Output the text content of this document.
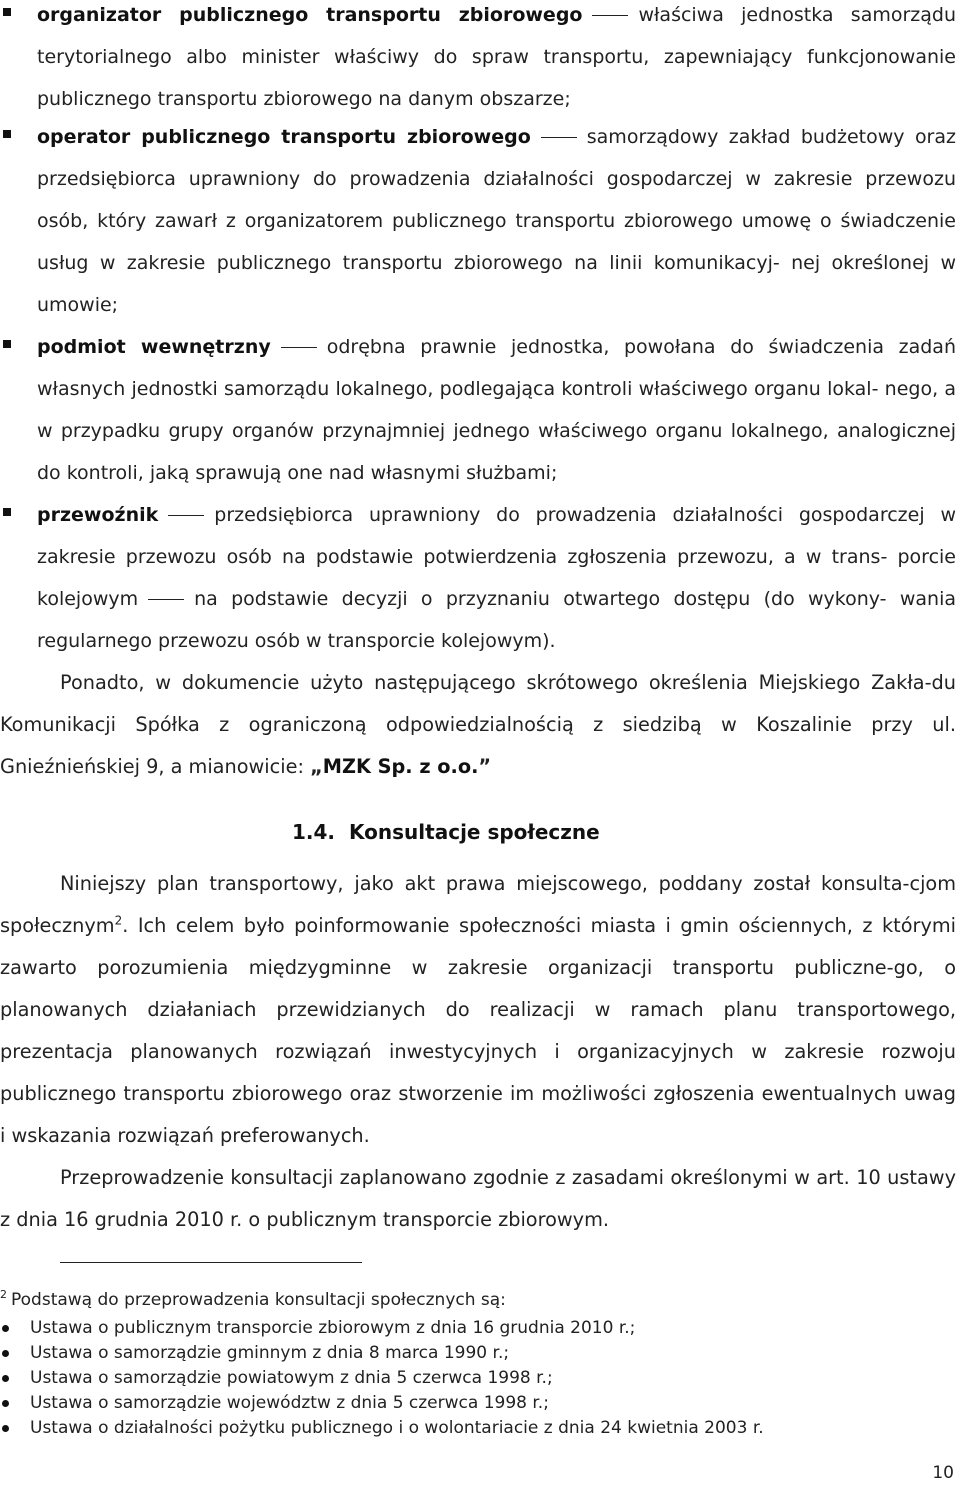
organizator publicznego transportu zbiorowego	właściwa jednostka samorządu terytorialnego albo minister właściwy do spraw transportu, zapewniający funkcjonowanie publicznego transportu zbiorowego na danym obszarze;
operator publicznego transportu zbiorowego	samorządowy zakład budżetowy oraz przedsiębiorca uprawniony do prowadzenia działalności gospodarczej w zakresie przewozu osób, który zawarł z organizatorem publicznego transportu zbiorowego umowę o świadczenie usług w zakresie publicznego transportu zbiorowego na linii komunikacyj- nej określonej w umowie;
podmiot wewnętrzny	odrębna prawnie jednostka, powołana do świadczenia zadań własnych jednostki samorządu lokalnego, podlegająca kontroli właściwego organu lokal- nego, a w przypadku grupy organów przynajmniej jednego właściwego organu lokalnego, analogicznej do kontroli, jaką sprawują one nad własnymi służbami;
przewoźnik	przedsiębiorca uprawniony do prowadzenia działalności gospodarczej w zakresie przewozu osób na podstawie potwierdzenia zgłoszenia przewozu, a w trans- porcie kolejowym	na podstawie decyzji o przyznaniu otwartego dostępu (do wykony- wania regularnego przewozu osób w transporcie kolejowym).
Ponadto, w dokumencie użyto następującego skrótowego określenia Miejskiego Zakła-du Komunikacji Spółka z ograniczoną odpowiedzialnością z siedzibą w Koszalinie przy ul. Gnieźnieńskiej 9, a mianowicie: „MZK Sp. z o.o.”
1.4. Konsultacje społeczne
Niniejszy plan transportowy, jako akt prawa miejscowego, poddany został konsulta-cjom społecznym$^2$. Ich celem było poinformowanie społeczności miasta i gmin ościennych, z którymi zawarto porozumienia międzygminne w zakresie organizacji transportu publiczne-go, o planowanych działaniach przewidzianych do realizacji w ramach planu transportowego, prezentacja planowanych rozwiązań inwestycyjnych i organizacyjnych w zakresie rozwoju publicznego transportu zbiorowego oraz stworzenie im możliwości zgłoszenia ewentualnych uwag i wskazania rozwiązań preferowanych.
Przeprowadzenie konsultacji zaplanowano zgodnie z zasadami określonymi w art. 10 ustawy z dnia 16 grudnia 2010 r. o publicznym transporcie zbiorowym.
$^2$ Podstawą do przeprowadzenia konsultacji społecznych są:
Ustawa o publicznym transporcie zbiorowym z dnia 16 grudnia 2010 r.;
Ustawa o samorządzie gminnym z dnia 8 marca 1990 r.;
Ustawa o samorządzie powiatowym z dnia 5 czerwca 1998 r.;
Ustawa o samorządzie województw z dnia 5 czerwca 1998 r.;
Ustawa o działalności pożytku publicznego i o wolontariacie z dnia 24 kwietnia 2003 r.
10
